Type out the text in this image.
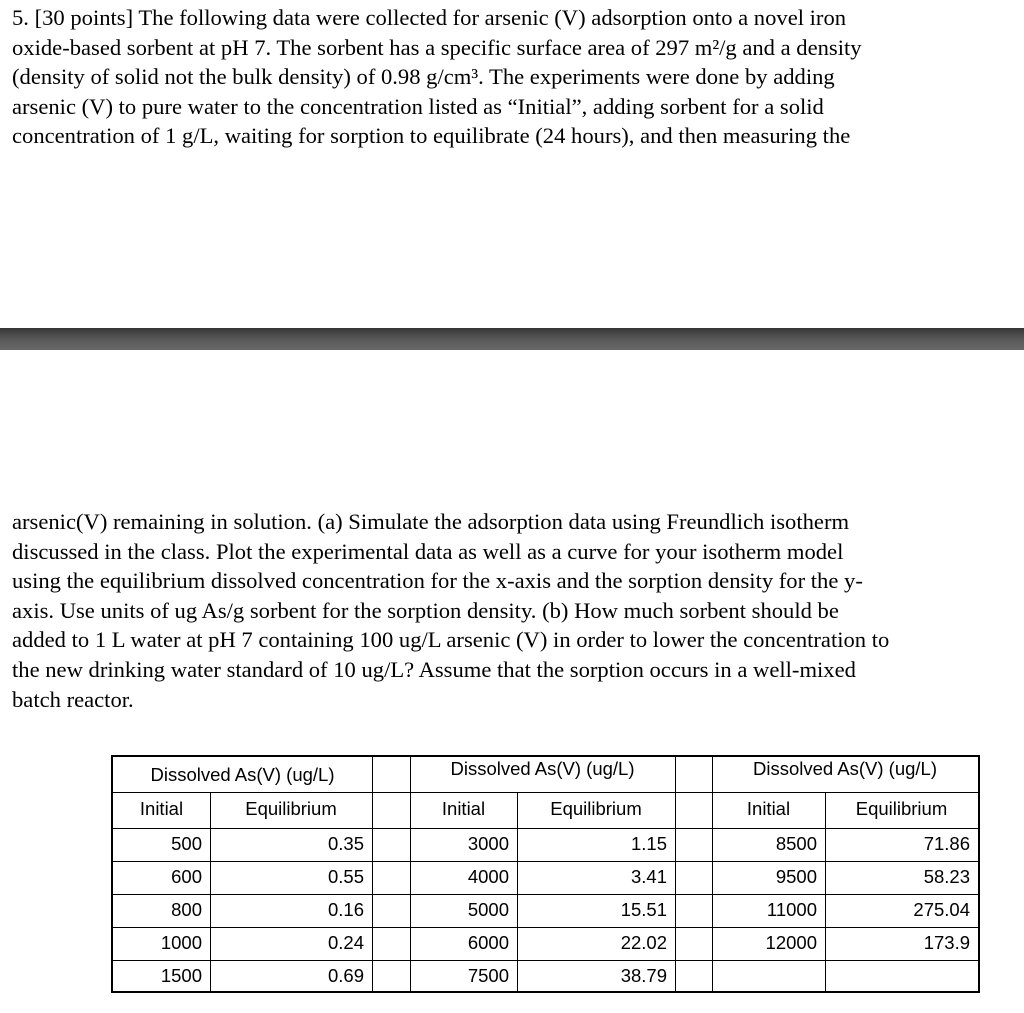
5. [30 points] The following data were collected for arsenic (V) adsorption onto a novel iron
oxide-based sorbent at pH 7. The sorbent has a specific surface area of 297 m²/g and a density
(density of solid not the bulk density) of 0.98 g/cm³. The experiments were done by adding
arsenic (V) to pure water to the concentration listed as “Initial”, adding sorbent for a solid
concentration of 1 g/L, waiting for sorption to equilibrate (24 hours), and then measuring the
arsenic(V) remaining in solution. (a) Simulate the adsorption data using Freundlich isotherm
discussed in the class. Plot the experimental data as well as a curve for your isotherm model
using the equilibrium dissolved concentration for the x-axis and the sorption density for the y-
axis. Use units of ug As/g sorbent for the sorption density. (b) How much sorbent should be
added to 1 L water at pH 7 containing 100 ug/L arsenic (V) in order to lower the concentration to
the new drinking water standard of 10 ug/L? Assume that the sorption occurs in a well-mixed
batch reactor.
Dissolved As(V) (ug/L)
Initial	Equilibrium
500	0.35
600	0.55
800	0.16
1000	0.24
1500	0.69
Dissolved As(V) (ug/L)
Initial	Equilibrium
3000	1.15
4000	3.41
5000	15.51
6000	22.02
7500	38.79
Dissolved As(V) (ug/L)
Initial	Equilibrium
8500	71.86
9500	58.23
11000	275.04
12000	173.9
